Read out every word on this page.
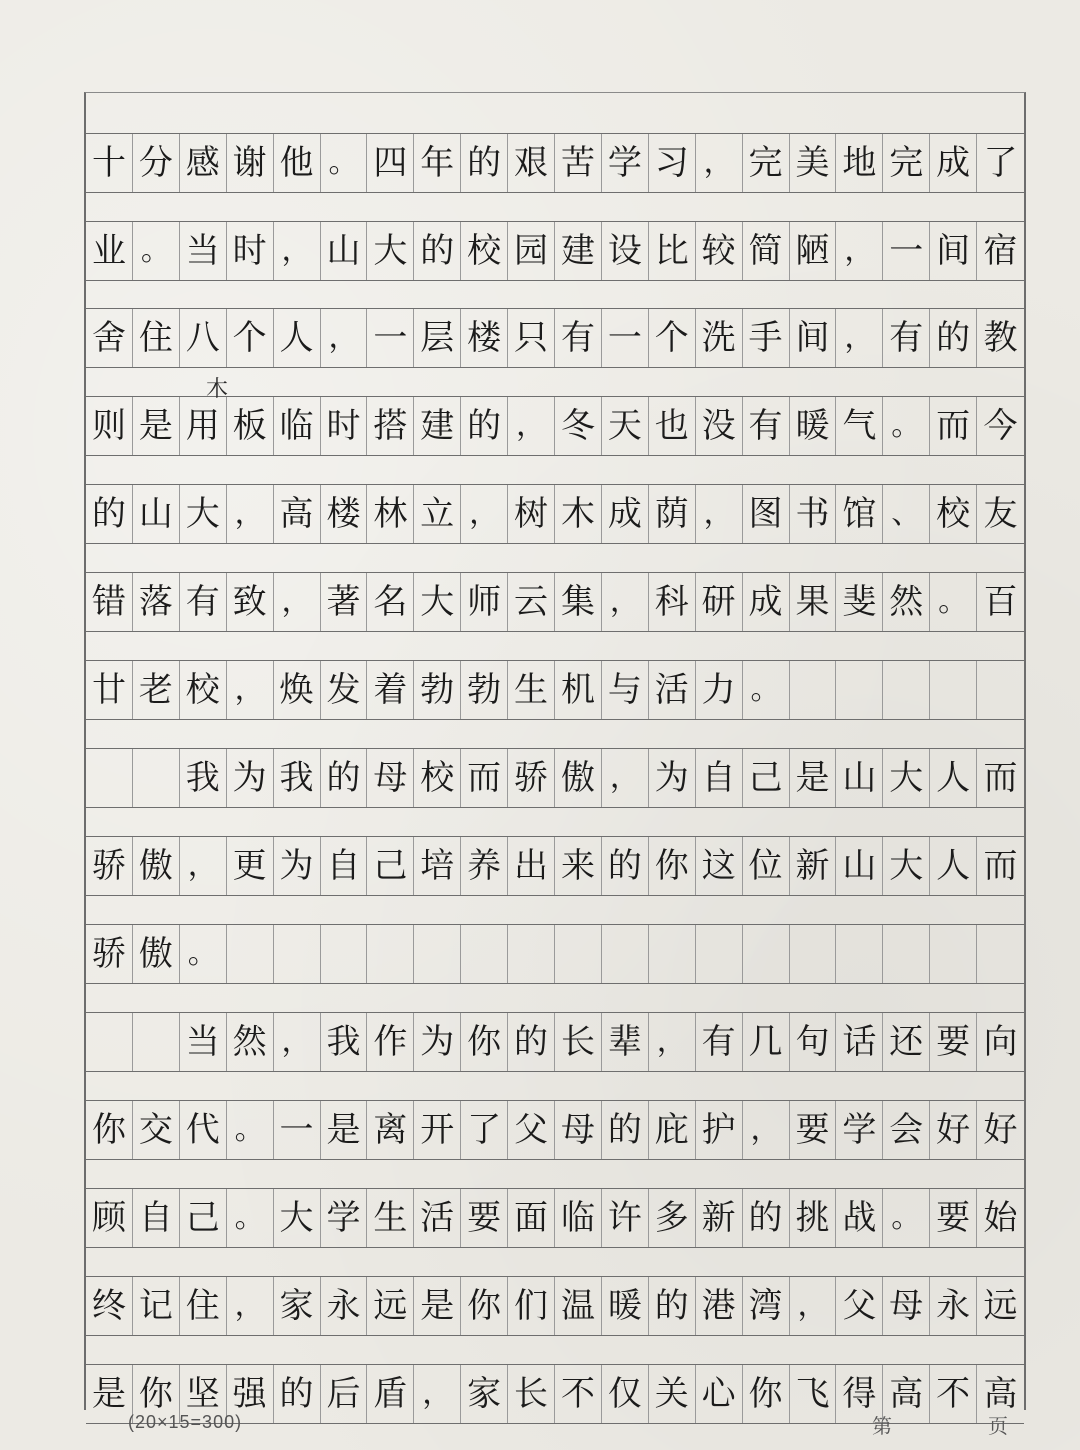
十 分 感 谢 他 。 四 年 的 艰 苦 学 习 ， 完 美 地 完 成 了
业 。 当 时 ， 山 大 的 校 园 建 设 比 较 简 陋 ， 一 间 宿
舍 住 八 个 人 ， 一 层 楼 只 有 一 个 洗 手 间 ， 有 的 教
则 是 用 板 临 时 搭 建 的 ， 冬 天 也 没 有 暖 气 。 而 今
的 山 大 ， 高 楼 林 立 ， 树 木 成 荫 ， 图 书 馆 、 校 友
错 落 有 致 ， 著 名 大 师 云 集 ， 科 研 成 果 斐 然 。 百
廿 老 校 ， 焕 发 着 勃 勃 生 机 与 活 力 。
我 为 我 的 母 校 而 骄 傲 ， 为 自 己 是 山 大 人 而
骄 傲 ， 更 为 自 己 培 养 出 来 的 你 这 位 新 山 大 人 而
骄 傲 。
当 然 ， 我 作 为 你 的 长 辈 ， 有 几 句 话 还 要 向
你 交 代 。 一 是 离 开 了 父 母 的 庇 护 ， 要 学 会 好 好
顾 自 己 。 大 学 生 活 要 面 临 许 多 新 的 挑 战 。 要 始
终 记 住 ， 家 永 远 是 你 们 温 暖 的 港 湾 ， 父 母 永 远
是 你 坚 强 的 后 盾 ， 家 长 不 仅 关 心 你 飞 得 高 不 高
木
(20×15=300)	第	页
